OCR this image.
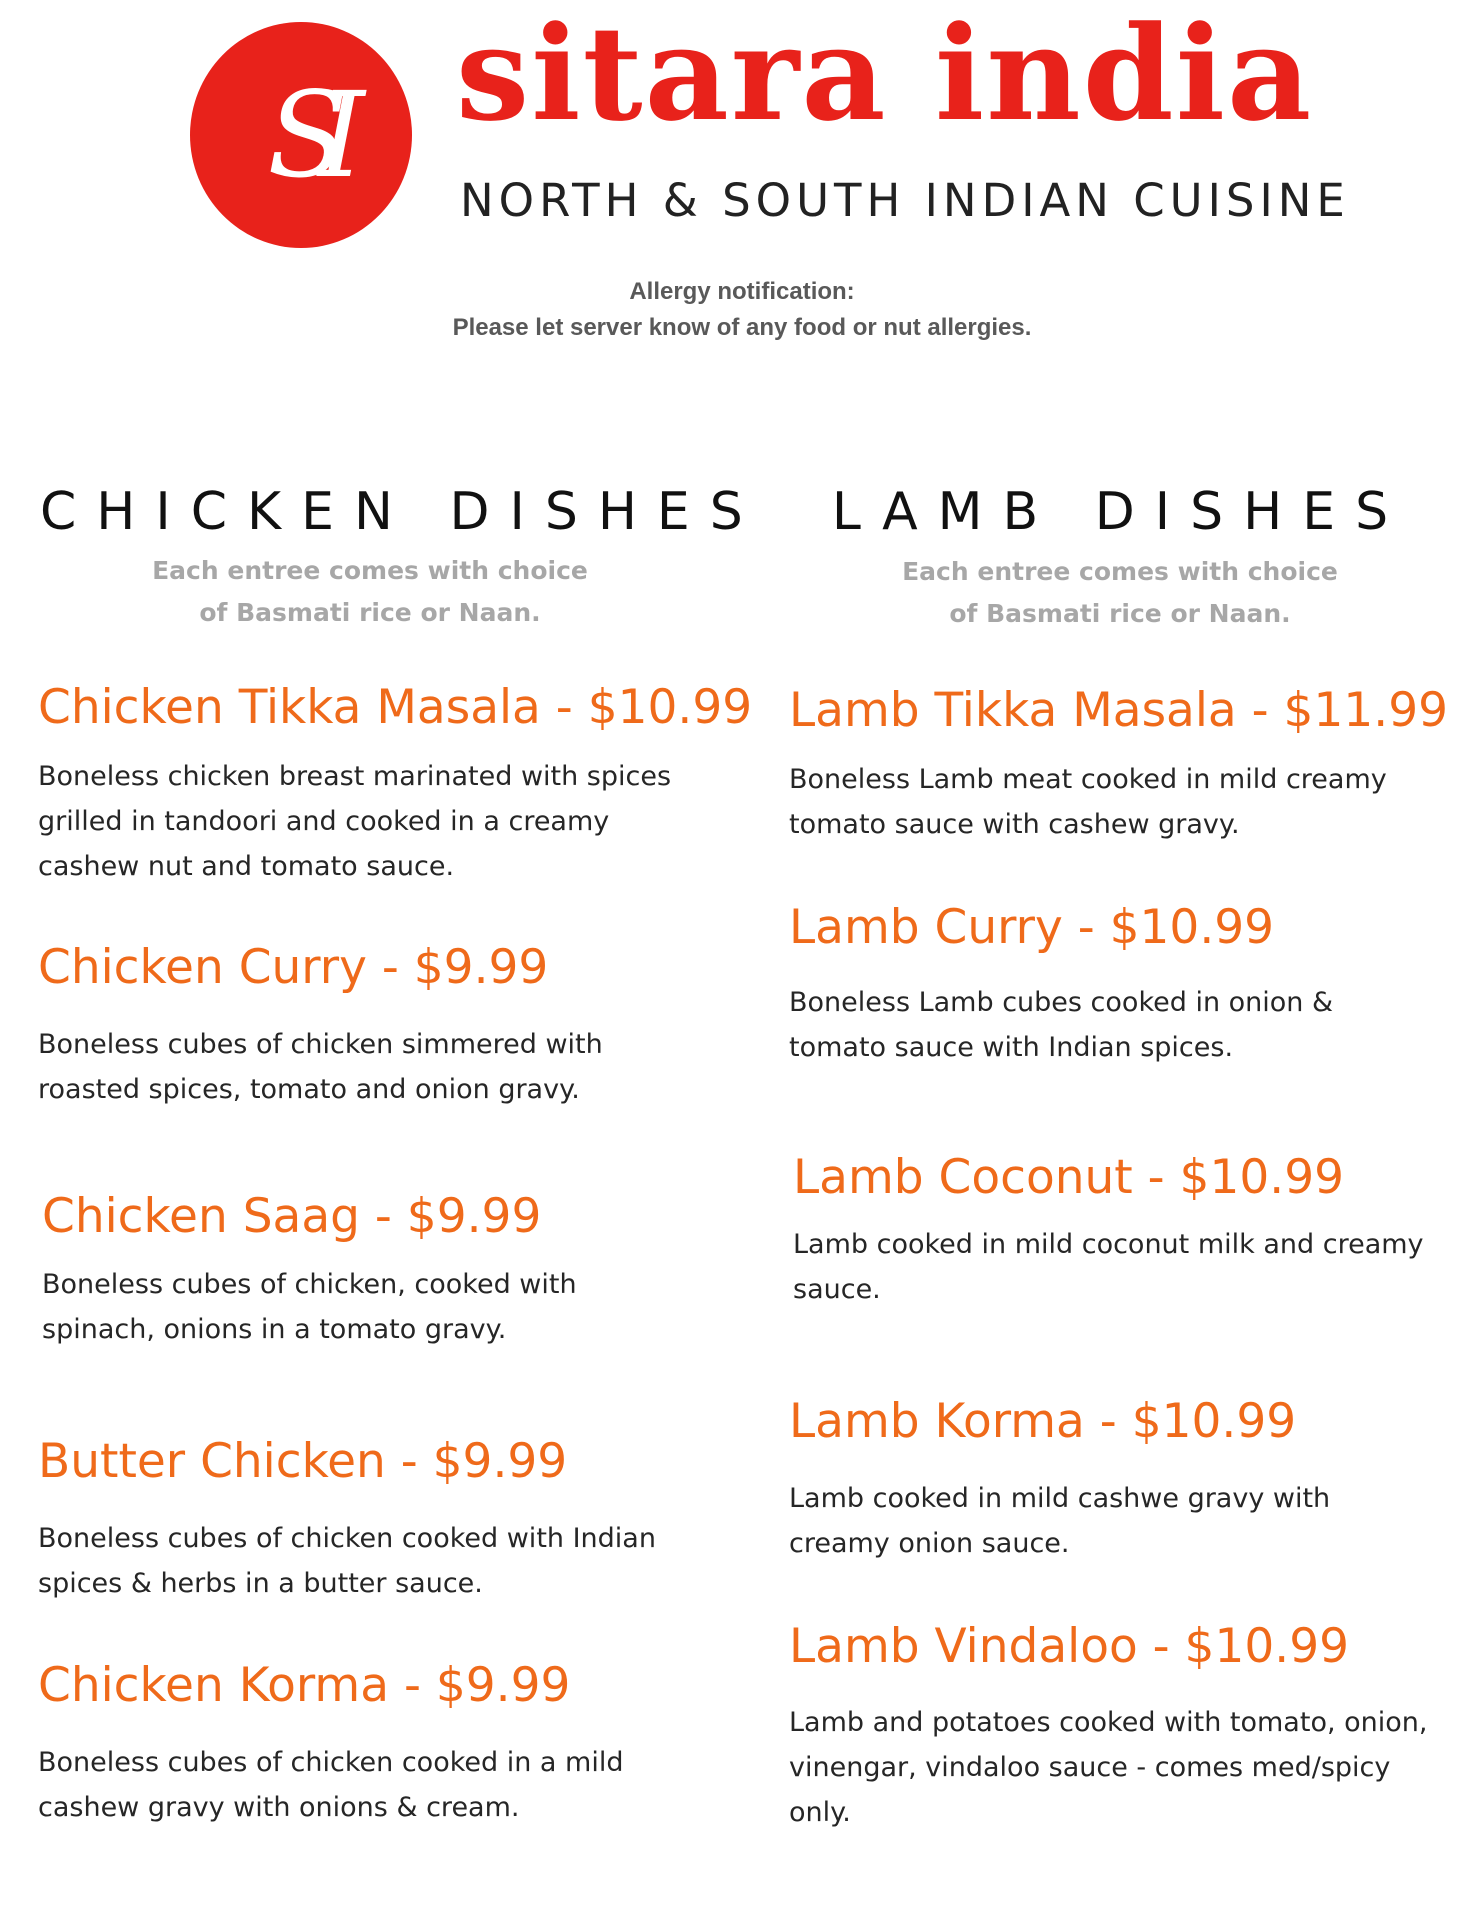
SI sitara india
NORTH & SOUTH INDIAN CUISINE
Allergy notification:
Please let server know of any food or nut allergies.
CHICKEN DISHES
Each entree comes with choice
of Basmati rice or Naan.
Chicken Tikka Masala - $10.99
Boneless chicken breast marinated with spices
grilled in tandoori and cooked in a creamy
cashew nut and tomato sauce.
Chicken Curry - $9.99
Boneless cubes of chicken simmered with
roasted spices, tomato and onion gravy.
Chicken Saag - $9.99
Boneless cubes of chicken, cooked with
spinach, onions in a tomato gravy.
Butter Chicken - $9.99
Boneless cubes of chicken cooked with Indian
spices & herbs in a butter sauce.
Chicken Korma - $9.99
Boneless cubes of chicken cooked in a mild
cashew gravy with onions & cream.
LAMB DISHES
Each entree comes with choice
of Basmati rice or Naan.
Lamb Tikka Masala - $11.99
Boneless Lamb meat cooked in mild creamy
tomato sauce with cashew gravy.
Lamb Curry - $10.99
Boneless Lamb cubes cooked in onion &
tomato sauce with Indian spices.
Lamb Coconut - $10.99
Lamb cooked in mild coconut milk and creamy
sauce.
Lamb Korma - $10.99
Lamb cooked in mild cashwe gravy with
creamy onion sauce.
Lamb Vindaloo - $10.99
Lamb and potatoes cooked with tomato, onion,
vinengar, vindaloo sauce - comes med/spicy
only.
